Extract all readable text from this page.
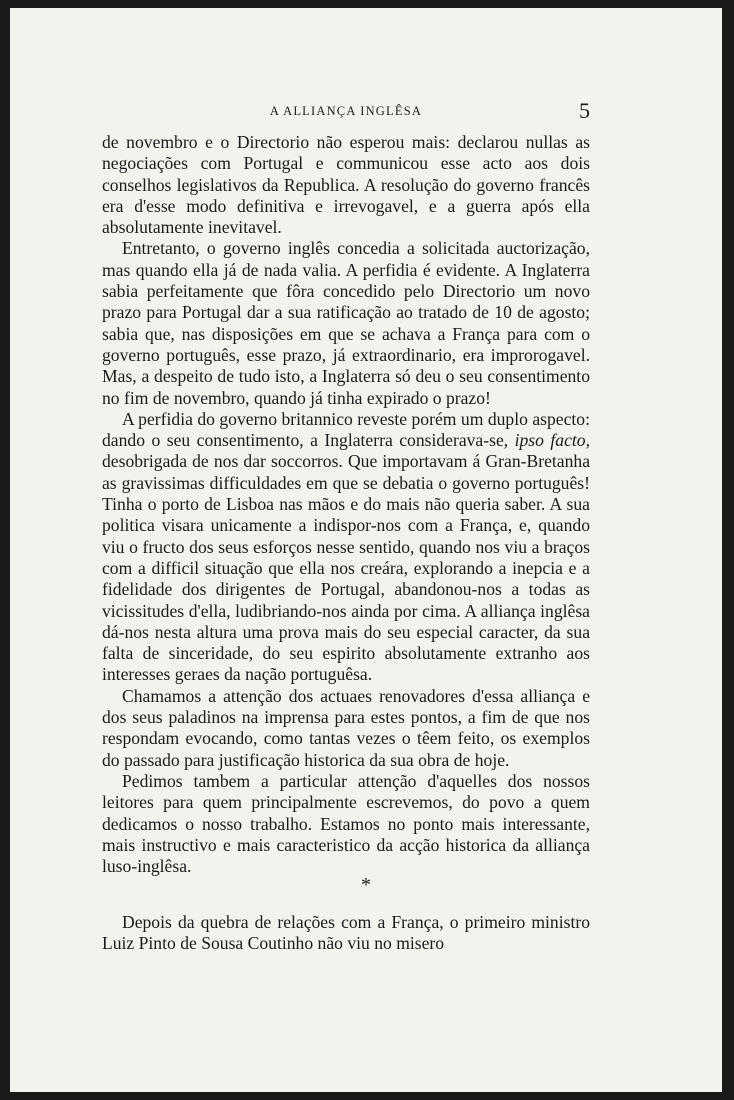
A ALLIANÇA INGLÊSA	5

de novembro e o Directorio não esperou mais: declarou nullas as negociações com Portugal e communicou esse acto aos dois conselhos legislativos da Republica. A resolução do governo francês era d'esse modo definitiva e irrevogavel, e a guerra após ella absolutamente inevitavel.

Entretanto, o governo inglês concedia a solicitada auctorização, mas quando ella já de nada valia. A perfidia é evidente. A Inglaterra sabia perfeitamente que fôra concedido pelo Directorio um novo prazo para Portugal dar a sua ratificação ao tratado de 10 de agosto; sabia que, nas disposições em que se achava a França para com o governo português, esse prazo, já extraordinario, era improrogavel. Mas, a despeito de tudo isto, a Inglaterra só deu o seu consentimento no fim de novembro, quando já tinha expirado o prazo!

A perfidia do governo britannico reveste porém um duplo aspecto: dando o seu consentimento, a Inglaterra considerava-se, ipso facto, desobrigada de nos dar soccorros. Que importavam á Gran-Bretanha as gravissimas difficuldades em que se debatia o governo português! Tinha o porto de Lisboa nas mãos e do mais não queria saber. A sua politica visara unicamente a indispor-nos com a França, e, quando viu o fructo dos seus esforços nesse sentido, quando nos viu a braços com a difficil situação que ella nos creára, explorando a inepcia e a fidelidade dos dirigentes de Portugal, abandonou-nos a todas as vicissitudes d'ella, ludibriando-nos ainda por cima. A alliança inglêsa dá-nos nesta altura uma prova mais do seu especial caracter, da sua falta de sinceridade, do seu espirito absolutamente extranho aos interesses geraes da nação portuguêsa.

Chamamos a attenção dos actuaes renovadores d'essa alliança e dos seus paladinos na imprensa para estes pontos, a fim de que nos respondam evocando, como tantas vezes o têem feito, os exemplos do passado para justificação historica da sua obra de hoje.

Pedimos tambem a particular attenção d'aquelles dos nossos leitores para quem principalmente escrevemos, do povo a quem dedicamos o nosso trabalho. Estamos no ponto mais interessante, mais instructivo e mais caracteristico da acção historica da alliança luso-inglêsa.

*

Depois da quebra de relações com a França, o primeiro ministro Luiz Pinto de Sousa Coutinho não viu no misero
